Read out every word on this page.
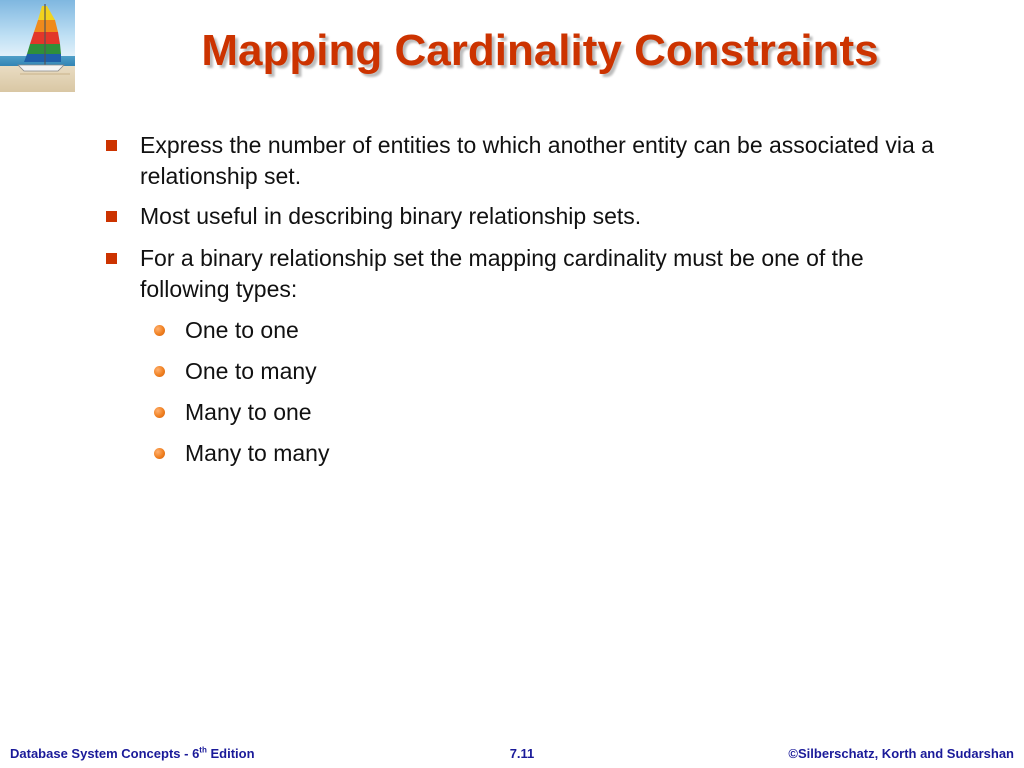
Mapping Cardinality Constraints
Express the number of entities to which another entity can be associated via a relationship set.
Most useful in describing binary relationship sets.
For a binary relationship set the mapping cardinality must be one of the following types:
One to one
One to many
Many to one
Many to many
Database System Concepts - 6th Edition	7.11	©Silberschatz, Korth and Sudarshan
